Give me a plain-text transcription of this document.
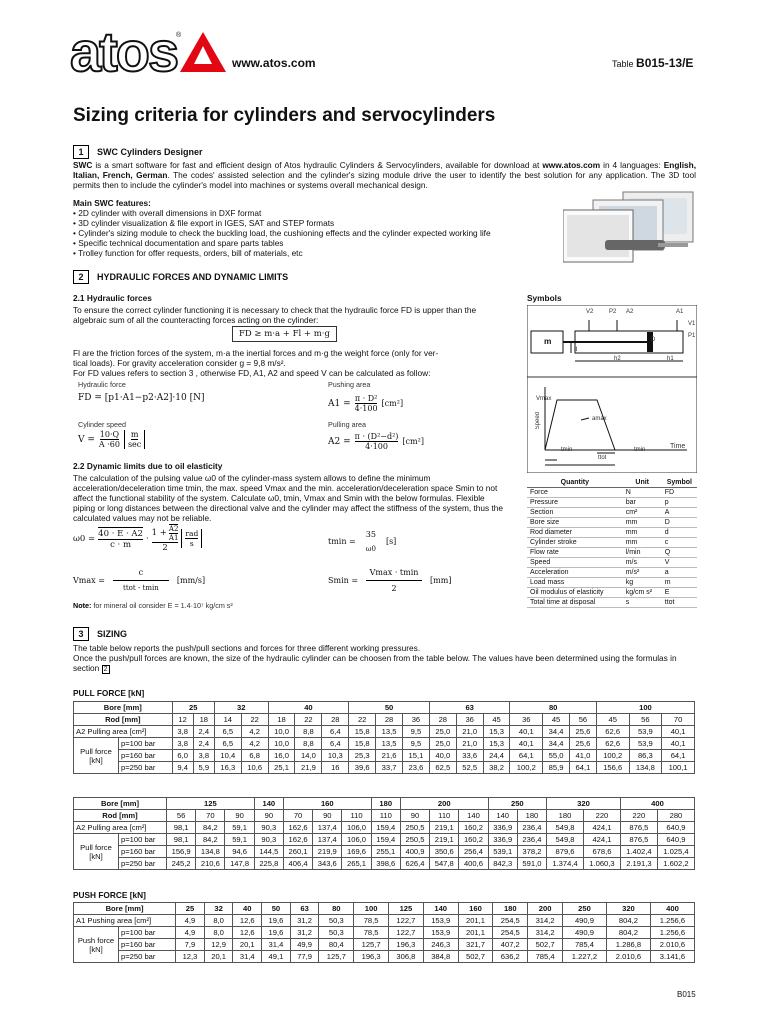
atos
®
www.atos.com	Table B015-13/E
Sizing criteria for cylinders and servocylinders
1	SWC Cylinders Designer
SWC is a smart software for fast and efficient design of Atos hydraulic Cylinders & Servocylinders, available for download at www.atos.com in 4 languages: English, Italian, French, German. The codes' assisted selection and the cylinder's sizing module drive the user to identify the best solution for any application. The 3D tool permits then to include the cylinder's model into machines or systems overall mechanical design.
Main SWC features:
• 2D cylinder with overall dimensions in DXF format
• 3D cylinder visualization & file export in IGES, SAT and STEP formats
• Cylinder's sizing module to check the buckling load, the cushioning effects and the cylinder expected working life
• Specific technical documentation and spare parts tables
• Trolley function for offer requests, orders, bill of materials, etc
2	HYDRAULIC FORCES AND DYNAMIC LIMITS
2.1 Hydraulic forces
To ensure the correct cylinder functioning it is necessary to check that the hydraulic force FD is upper than the algebraic sum of all the counteracting forces acting on the cylinder:
FD ≥ m·a + Fl + m·g
Fl are the friction forces of the system, m·a the inertial forces and m·g the weight force (only for ver-
tical loads). For gravity acceleration consider g = 9,8 m/s².
For FD values refers to section 3 , otherwise FD, A1, A2 and speed V can be calculated as follow:
Hydraulic force
FD = [p1·A1−p2·A2]·10 [N]
Pushing area
$A1 = \frac{\text{π · D²}}{4\cdot 100} [cm^2]$
Cylinder speed
$V = \frac{10\cdot Q}{A \cdot 60}$ m
sec
Pulling area
$A2 = \frac{\text{π · (D²−d²)}}{4\cdot 100} [cm^2]$
2.2 Dynamic limits due to oil elasticity
The calculation of the pulsing value ω0 of the cylinder-mass system allows to define the minimum acceleration/deceleration time tmin, the max. speed Vmax and the min. acceleration/deceleration space Smin to not affect the functional stability of the system. Calculate ω0, tmin, Vmax and Smin with the below formulas. Flexible piping or long distances between the directional valve and the cylinder may affect the stiffness of the system, thus the calculated values may not be reliable.
$\omega 0 = \frac{40 \cdot E \cdot A2}{c \cdot m}$ ·
$1 + \frac{A2}{A1}$
2
rad
s	tmin =
35
ω0
[s]
Vmax =
c
ttot - tmin
[mm/s]	Smin =
Vmax · tmin
2
[mm]
Note: for mineral oil consider E = 1.4·10⁷ kg/cm s²
Symbols
V2	P2 A2	A1
V1
P1
m
d
D
h2	h1
Vmax
Speed	amax
tmin	tmin
ttot
Time
Quantity	Unit	Symbol
Force	N	FD
Pressure	bar	p
Section	cm²	A
Bore size	mm	D
Rod diameter	mm	d
Cylinder stroke	mm	c
Flow rate	l/min	Q
Speed	m/s	V
Acceleration	m/s²	a
Load mass	kg	m
Oil modulus of elasticity	kg/cm s²	E
Total time at disposal	s	ttot
3	SIZING
The table below reports the push/pull sections and forces for three different working pressures.
Once the push/pull forces are known, the size of the hydraulic cylinder can be choosen from the table below. The values have been determined using the formulas in section 2
PULL FORCE [kN]
Bore [mm]		25		32		40			50			63			80			100		
Rod [mm]		12	18	14	22	18	22	28	22	28	36	28	36	45	36	45	56	45	56	70
A2 Pulling area [cm²]		3,8	2,4	6,5	4,2	10,0	8,8	6,4	15,8	13,5	9,5	25,0	21,0	15,3	40,1	34,4	25,6	62,6	53,9	40,1
Pull force [kN]	p=100 bar	3,8	2,4	6,5	4,2	10,0	8,8	6,4	15,8	13,5	9,5	25,0	21,0	15,3	40,1	34,4	25,6	62,6	53,9	40,1
	p=160 bar	6,0	3,8	10,4	6,8	16,0	14,0	10,3	25,3	21,6	15,1	40,0	33,6	24,4	64,1	55,0	41,0	100,2	86,3	64,1
	p=250 bar	9,4	5,9	16,3	10,6	25,1	21,9	16	39,6	33,7	23,6	62,5	52,5	38,2	100,2	85,9	64,1	156,6	134,8	100,1
Bore [mm]		125			140	160			180	200			250		320		400	
Rod [mm]		56	70	90	90	70	90	110	110	90	110	140	140	180	180	220	220	280
A2 Pulling area [cm²]		98,1	84,2	59,1	90,3	162,6	137,4	106,0	159,4	250,5	219,1	160,2	336,9	236,4	549,8	424,1	876,5	640,9
Pull force [kN]	p=100 bar	98,1	84,2	59,1	90,3	162,6	137,4	106,0	159,4	250,5	219,1	160,2	336,9	236,4	549,8	424,1	876,5	640,9
	p=160 bar	156,9	134,8	94,6	144,5	260,1	219,9	169,6	255,1	400,9	350,6	256,4	539,1	378,2	879,6	678,6	1.402,4	1.025,4
	p=250 bar	245,2	210,6	147,8	225,8	406,4	343,6	265,1	398,6	626,4	547,8	400,6	842,3	591,0	1.374,4	1.060,3	2.191,3	1.602,2
PUSH FORCE [kN]
Bore [mm]		25	32	40	50	63	80	100	125	140	160	180	200	250	320	400
A1 Pushing area [cm²]		4,9	8,0	12,6	19,6	31,2	50,3	78,5	122,7	153,9	201,1	254,5	314,2	490,9	804,2	1.256,6
Push force [kN]	p=100 bar	4,9	8,0	12,6	19,6	31,2	50,3	78,5	122,7	153,9	201,1	254,5	314,2	490,9	804,2	1.256,6
	p=160 bar	7,9	12,9	20,1	31,4	49,9	80,4	125,7	196,3	246,3	321,7	407,2	502,7	785,4	1.286,8	2.010,6
	p=250 bar	12,3	20,1	31,4	49,1	77,9	125,7	196,3	306,8	384,8	502,7	636,2	785,4	1.227,2	2.010,6	3.141,6
B015
